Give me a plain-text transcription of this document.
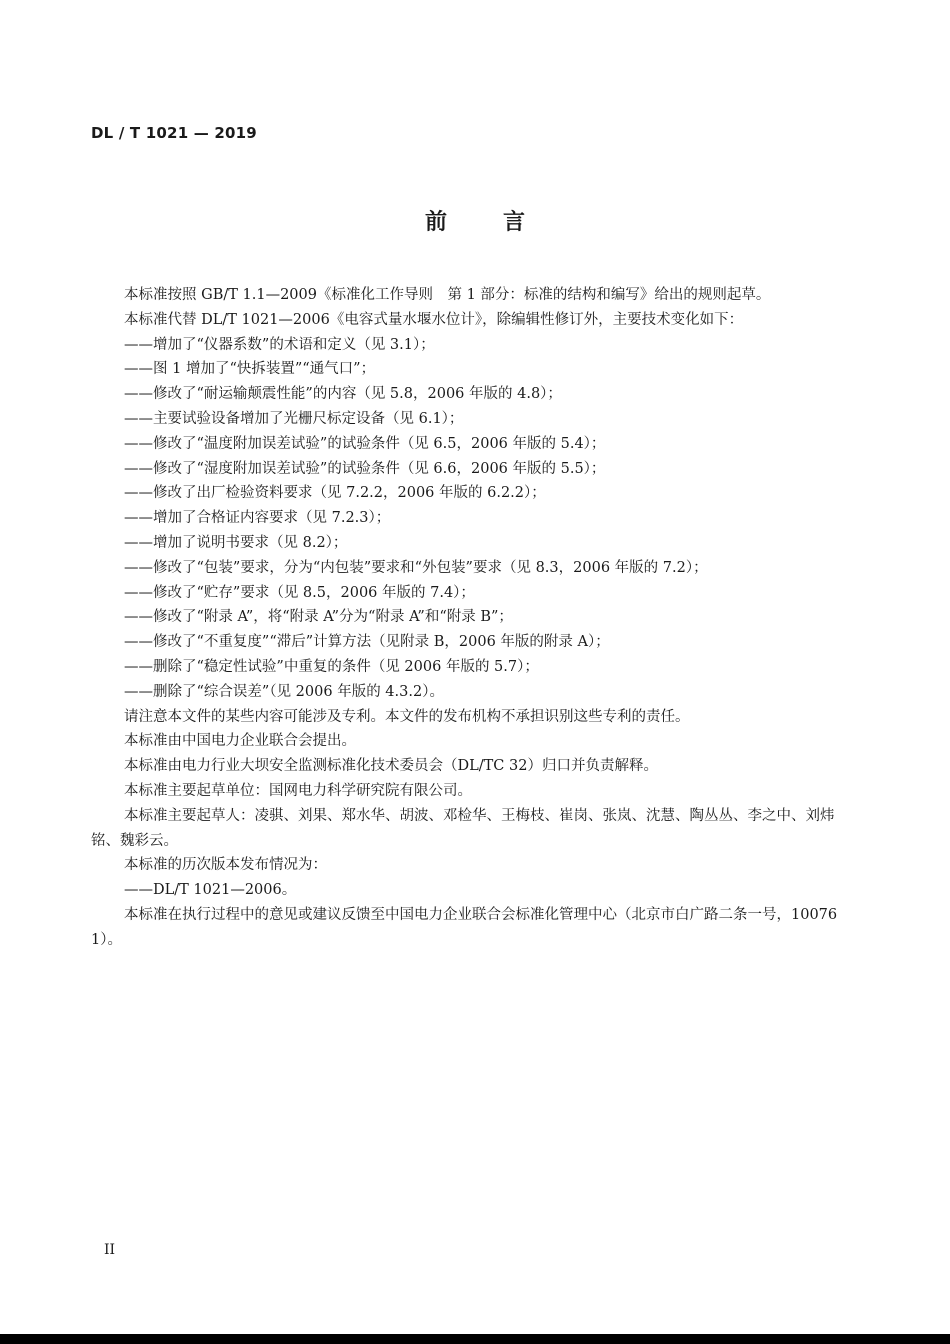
DL / T 1021 — 2019
前言

本标准按照 GB/T 1.1—2009《标准化工作导则　第 1 部分：标准的结构和编写》给出的规则起草。

本标准代替 DL/T 1021—2006《电容式量水堰水位计》，除编辑性修订外，主要技术变化如下：

——增加了“仪器系数”的术语和定义（见 3.1）；

——图 1 增加了“快拆装置”“通气口”；

——修改了“耐运输颠震性能”的内容（见 5.8，2006 年版的 4.8）；

——主要试验设备增加了光栅尺标定设备（见 6.1）；

——修改了“温度附加误差试验”的试验条件（见 6.5，2006 年版的 5.4）；

——修改了“湿度附加误差试验”的试验条件（见 6.6，2006 年版的 5.5）；

——修改了出厂检验资料要求（见 7.2.2，2006 年版的 6.2.2）；

——增加了合格证内容要求（见 7.2.3）；

——增加了说明书要求（见 8.2）；

——修改了“包装”要求，分为“内包装”要求和“外包装”要求（见 8.3，2006 年版的 7.2）；

——修改了“贮存”要求（见 8.5，2006 年版的 7.4）；

——修改了“附录 A”，将“附录 A”分为“附录 A”和“附录 B”；

——修改了“不重复度”“滞后”计算方法（见附录 B，2006 年版的附录 A）；

——删除了“稳定性试验”中重复的条件（见 2006 年版的 5.7）；

——删除了“综合误差”（见 2006 年版的 4.3.2）。

请注意本文件的某些内容可能涉及专利。本文件的发布机构不承担识别这些专利的责任。

本标准由中国电力企业联合会提出。

本标准由电力行业大坝安全监测标准化技术委员会（DL/TC 32）归口并负责解释。

本标准主要起草单位：国网电力科学研究院有限公司。

本标准主要起草人：凌骐、刘果、郑水华、胡波、邓检华、王梅枝、崔岗、张岚、沈慧、陶丛丛、李之中、刘炜铭、魏彩云。

本标准的历次版本发布情况为：

——DL/T 1021—2006。

本标准在执行过程中的意见或建议反馈至中国电力企业联合会标准化管理中心（北京市白广路二条一号，100761）。

II
